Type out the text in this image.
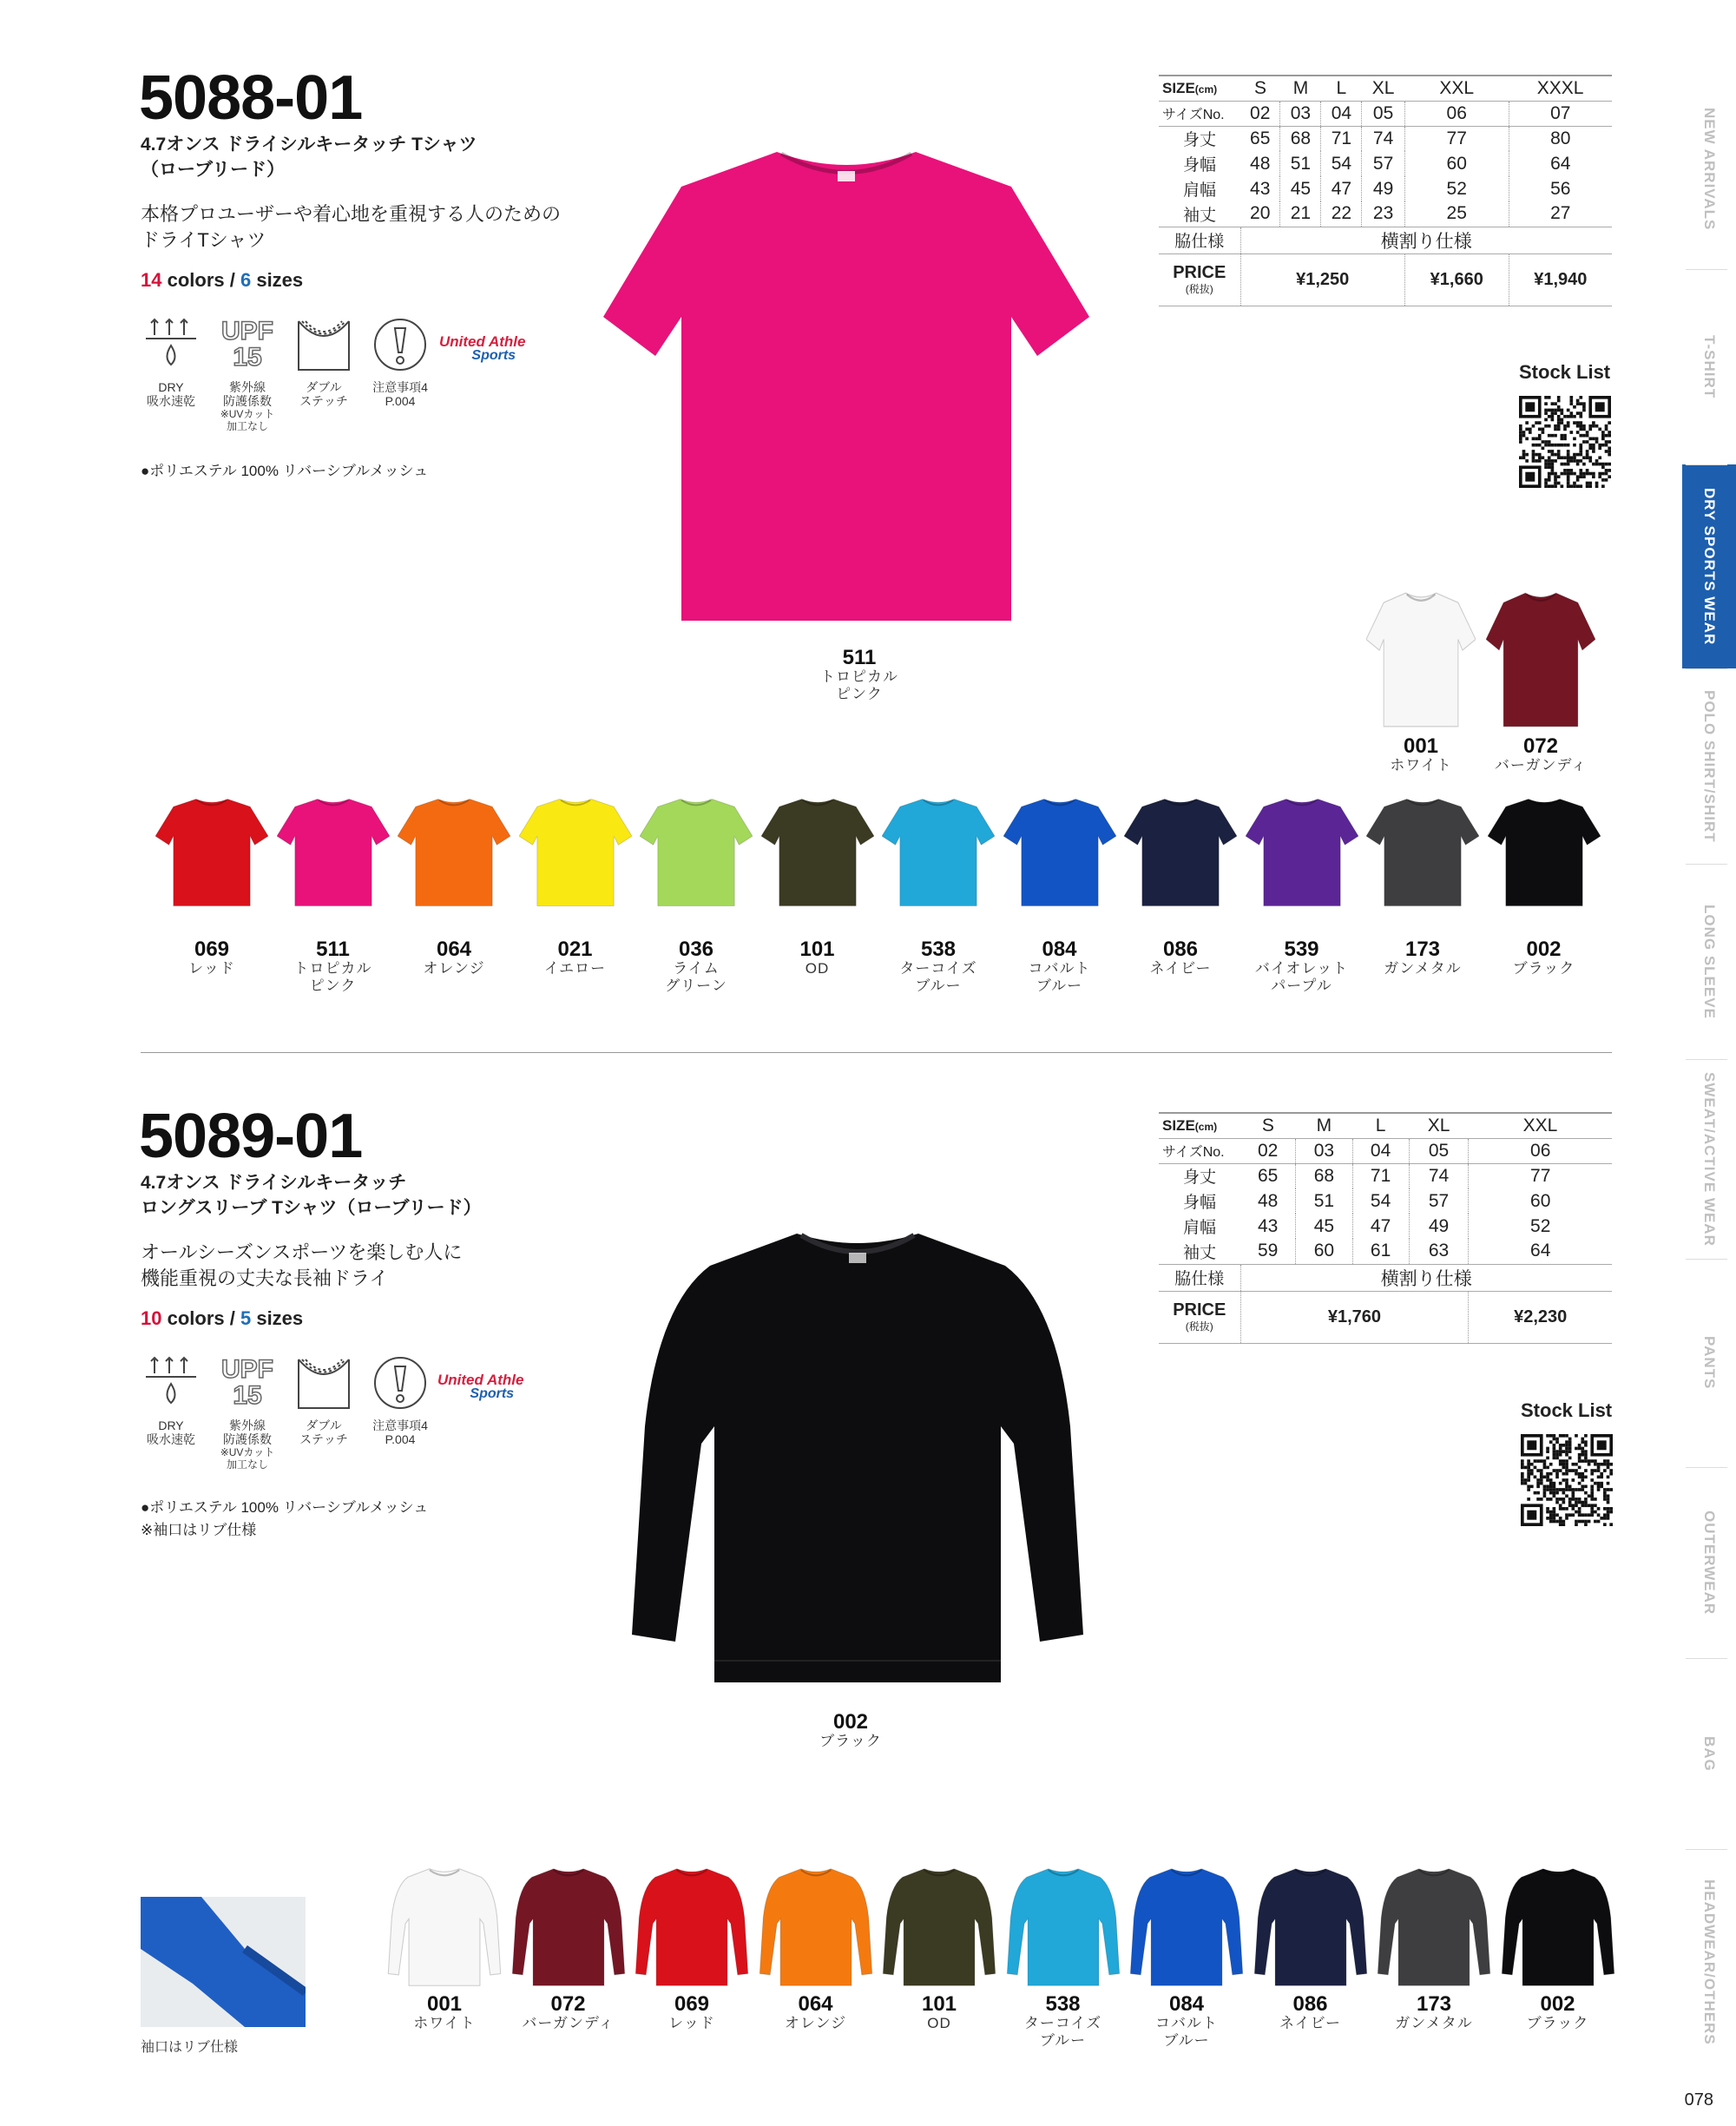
5088-01
4.7オンス ドライシルキータッチ Tシャツ
（ローブリード）
本格プロユーザーや着心地を重視する人のための
ドライTシャツ
14 colors / 6 sizes
DRY
吸水速乾
UPF
15
紫外線
防護係数
※UVカット
加工なし
ダブル
ステッチ
注意事項4
P.004
United Athle
Sports
●ポリエステル 100% リバーシブルメッシュ
511
トロピカル
ピンク
SIZE(cm)	S	M	L	XL	XXL	XXXL
サイズNo.	02	03	04	05	06	07
身丈	65	68	71	74	77	80
身幅	48	51	54	57	60	64
肩幅	43	45	47	49	52	56
袖丈	20	21	22	23	25	27
脇仕様	横割り仕様					

PRICE
(税抜)	¥1,250				¥1,660	¥1,940
Stock List
001
ホワイト
072
バーガンディ
069
レッド
511
トロピカル
ピンク
064
オレンジ
021
イエロー
036
ライム
グリーン
101
OD
538
ターコイズ
ブルー
084
コバルト
ブルー
086
ネイビー
539
バイオレット
パープル
173
ガンメタル
002
ブラック
5089-01
4.7オンス ドライシルキータッチ
ロングスリーブ Tシャツ（ローブリード）
オールシーズンスポーツを楽しむ人に
機能重視の丈夫な長袖ドライ
10 colors / 5 sizes
DRY
吸水速乾
UPF
15
紫外線
防護係数
※UVカット
加工なし
ダブル
ステッチ
注意事項4
P.004
United Athle
Sports
●ポリエステル 100% リバーシブルメッシュ
※袖口はリブ仕様
002
ブラック
SIZE(cm)	S	M	L	XL	XXL
サイズNo.	02	03	04	05	06
身丈	65	68	71	74	77
身幅	48	51	54	57	60
肩幅	43	45	47	49	52
袖丈	59	60	61	63	64
脇仕様	横割り仕様				

PRICE
(税抜)	¥1,760				¥2,230
Stock List
袖口はリブ仕様
001
ホワイト
072
バーガンディ
069
レッド
064
オレンジ
101
OD
538
ターコイズ
ブルー
084
コバルト
ブルー
086
ネイビー
173
ガンメタル
002
ブラック
NEW ARRIVALS
T-SHIRT
DRY SPORTS WEAR
POLO SHIRT/SHIRT
LONG SLEEVE
SWEAT/ACTIVE WEAR
PANTS
OUTERWEAR
BAG
HEADWEAR/OTHERS
078
